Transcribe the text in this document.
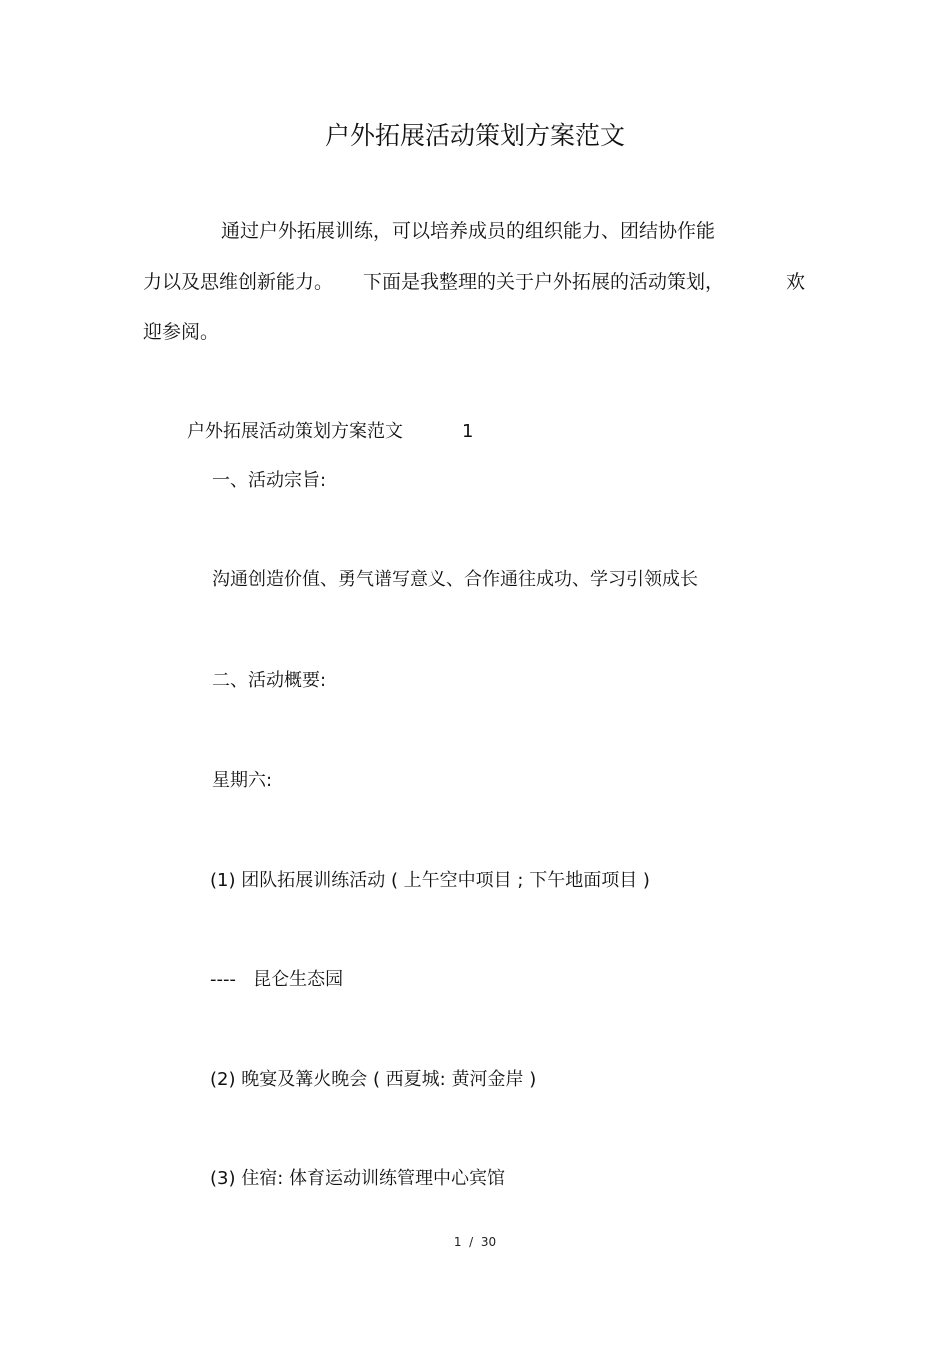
户外拓展活动策划方案范文
通过户外拓展训练，可以培养成员的组织能力、团结协作能
力以及思维创新能力。 下面是我整理的关于户外拓展的活动策划，	欢
迎参阅。
户外拓展活动策划方案范文	1
一、活动宗旨:
沟通创造价值、勇气谱写意义、合作通往成功、学习引领成长
二、活动概要:
星期六:
(1) 团队拓展训练活动 ( 上午空中项目 ; 下午地面项目 )
----   昆仑生态园
(2) 晚宴及篝火晚会 ( 西夏城: 黄河金岸 )
(3) 住宿: 体育运动训练管理中心宾馆
1  /  30
